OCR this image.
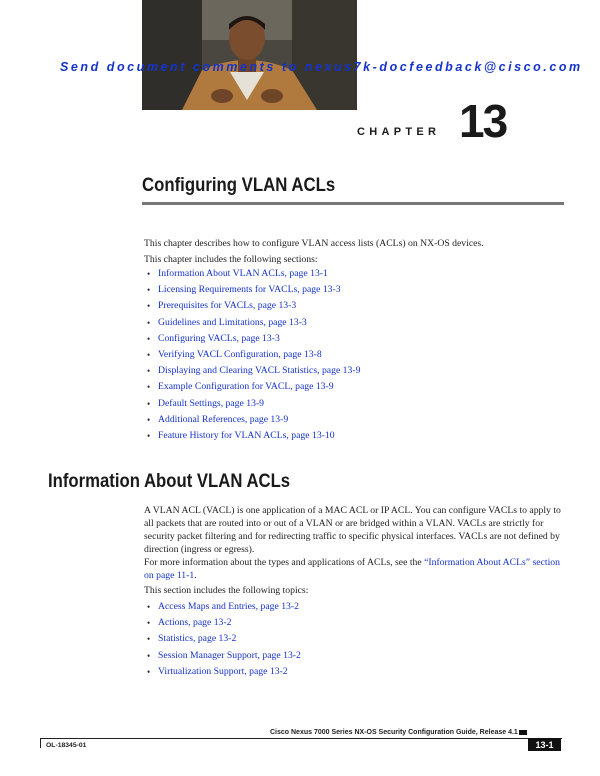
Send document comments to nexus7k-docfeedback@cisco.com
CHAPTER 13
Configuring VLAN ACLs

This chapter describes how to configure VLAN access lists (ACLs) on NX-OS devices.

This chapter includes the following sections:

• Information About VLAN ACLs, page 13-1
• Licensing Requirements for VACLs, page 13-3
• Prerequisites for VACLs, page 13-3
• Guidelines and Limitations, page 13-3
• Configuring VACLs, page 13-3
• Verifying VACL Configuration, page 13-8
• Displaying and Clearing VACL Statistics, page 13-9
• Example Configuration for VACL, page 13-9
• Default Settings, page 13-9
• Additional References, page 13-9
• Feature History for VLAN ACLs, page 13-10
Information About VLAN ACLs

A VLAN ACL (VACL) is one application of a MAC ACL or IP ACL. You can configure VACLs to apply to all packets that are routed into or out of a VLAN or are bridged within a VLAN. VACLs are strictly for security packet filtering and for redirecting traffic to specific physical interfaces. VACLs are not defined by direction (ingress or egress).

For more information about the types and applications of ACLs, see the “Information About ACLs” section on page 11-1.

This section includes the following topics:

• Access Maps and Entries, page 13-2
• Actions, page 13-2
• Statistics, page 13-2
• Session Manager Support, page 13-2
• Virtualization Support, page 13-2
Cisco Nexus 7000 Series NX-OS Security Configuration Guide, Release 4.1
OL-18345-01	13-1
